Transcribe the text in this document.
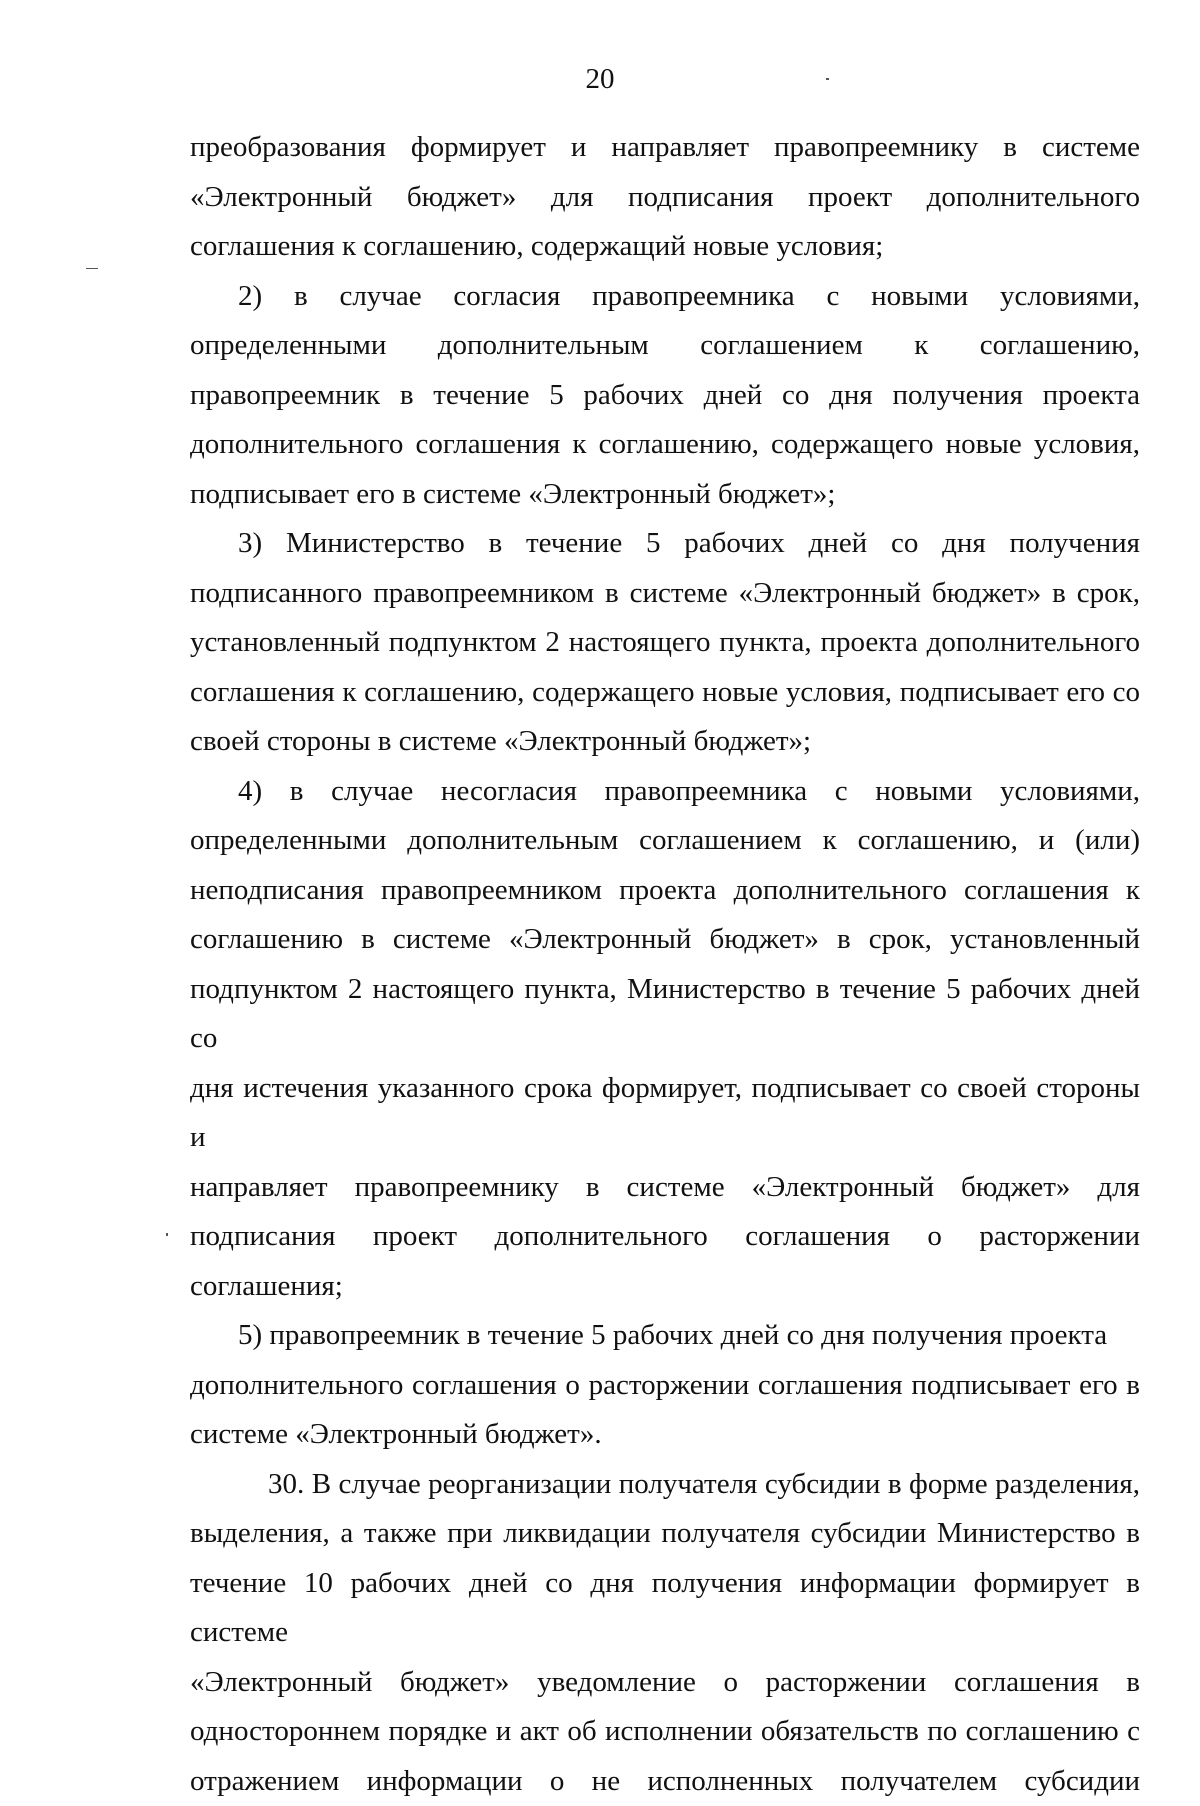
20
преобразования формирует и направляет правопреемнику в системе
«Электронный бюджет» для подписания проект дополнительного
соглашения к соглашению, содержащий новые условия;
2) в случае согласия правопреемника с новыми условиями,
определенными дополнительным соглашением к соглашению,
правопреемник в течение 5 рабочих дней со дня получения проекта
дополнительного соглашения к соглашению, содержащего новые условия,
подписывает его в системе «Электронный бюджет»;
3) Министерство в течение 5 рабочих дней со дня получения
подписанного правопреемником в системе «Электронный бюджет» в срок,
установленный подпунктом 2 настоящего пункта, проекта дополнительного
соглашения к соглашению, содержащего новые условия, подписывает его со
своей стороны в системе «Электронный бюджет»;
4) в случае несогласия правопреемника с новыми условиями,
определенными дополнительным соглашением к соглашению, и (или)
неподписания правопреемником проекта дополнительного соглашения к
соглашению в системе «Электронный бюджет» в срок, установленный
подпунктом 2 настоящего пункта, Министерство в течение 5 рабочих дней со
дня истечения указанного срока формирует, подписывает со своей стороны и
направляет правопреемнику в системе «Электронный бюджет» для
подписания проект дополнительного соглашения о расторжении соглашения;
5) правопреемник в течение 5 рабочих дней со дня получения проекта
дополнительного соглашения о расторжении соглашения подписывает его в
системе «Электронный бюджет».
30. В случае реорганизации получателя субсидии в форме разделения,
выделения, а также при ликвидации получателя субсидии Министерство в
течение 10 рабочих дней со дня получения информации формирует в системе
«Электронный бюджет» уведомление о расторжении соглашения в
одностороннем порядке и акт об исполнении обязательств по соглашению с
отражением информации о не исполненных получателем субсидии
